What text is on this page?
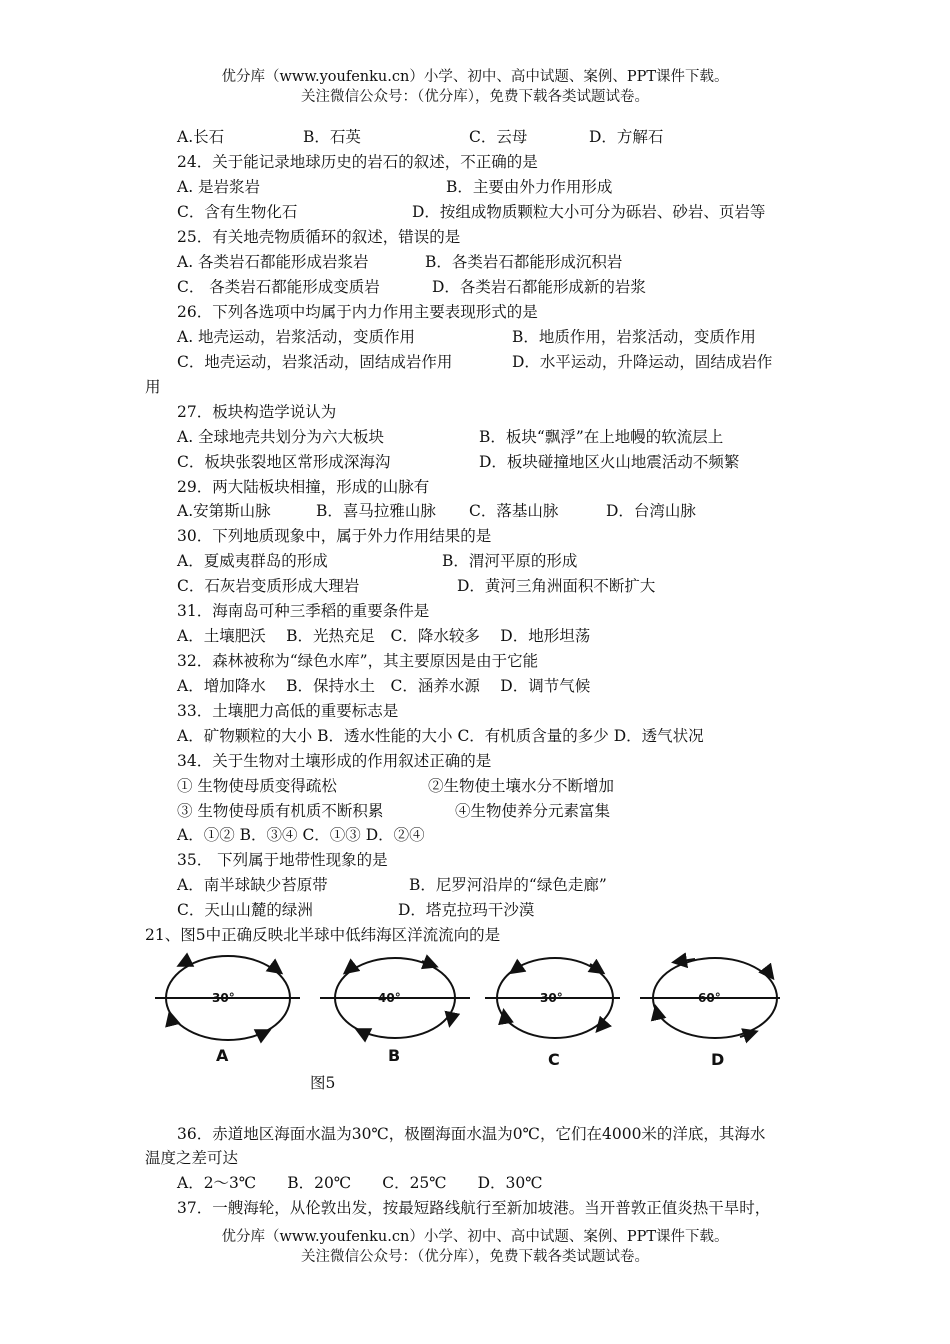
优分库（www.youfenku.cn）小学、初中、高中试题、案例、PPT课件下载。
关注微信公众号：（优分库），免费下载各类试题试卷。
A.长石	B．石英	C．云母	D．方解石
24．关于能记录地球历史的岩石的叙述，不正确的是
A. 是岩浆岩	B．主要由外力作用形成
C．含有生物化石	D．按组成物质颗粒大小可分为砾岩、砂岩、页岩等
25．有关地壳物质循环的叙述，错误的是
A. 各类岩石都能形成岩浆岩	B．各类岩石都能形成沉积岩
C． 各类岩石都能形成变质岩	D．各类岩石都能形成新的岩浆
26．下列各选项中均属于内力作用主要表现形式的是
A. 地壳运动，岩浆活动，变质作用	B．地质作用，岩浆活动，变质作用
C．地壳运动，岩浆活动，固结成岩作用	D．水平运动，升降运动，固结成岩作
用
27．板块构造学说认为
A. 全球地壳共划分为六大板块	B．板块“飘浮”在上地幔的软流层上
C．板块张裂地区常形成深海沟	D．板块碰撞地区火山地震活动不频繁
29．两大陆板块相撞，形成的山脉有
A.安第斯山脉	B．喜马拉雅山脉 C．落基山脉	D．台湾山脉
30．下列地质现象中，属于外力作用结果的是
A．夏威夷群岛的形成	B．渭河平原的形成
C．石灰岩变质形成大理岩	D．黄河三角洲面积不断扩大
31．海南岛可种三季稻的重要条件是
A．土壤肥沃　 B．光热充足　C．降水较多　 D．地形坦荡
32．森林被称为“绿色水库”，其主要原因是由于它能
A．增加降水　 B．保持水土　C．涵养水源　 D．调节气候
33．土壤肥力高低的重要标志是
A．矿物颗粒的大小 B．透水性能的大小 C．有机质含量的多少 D．透气状况
34．关于生物对土壤形成的作用叙述正确的是
① 生物使母质变得疏松	②生物使土壤水分不断增加
③ 生物使母质有机质不断积累	④生物使养分元素富集
A．①② B．③④ C．①③ D．②④
35． 下列属于地带性现象的是
A．南半球缺少苔原带	B．尼罗河沿岸的“绿色走廊”
C．天山山麓的绿洲	D．塔克拉玛干沙漠
21、图5中正确反映北半球中低纬海区洋流流向的是
30°	40°	30°	60°
A	B	C	D
图5
36．赤道地区海面水温为30℃，极圈海面水温为0℃，它们在4000米的洋底，其海水
温度之差可达
A．2～3℃　　B．20℃　　C．25℃　　D．30℃
37．一艘海轮，从伦敦出发，按最短路线航行至新加坡港。当开普敦正值炎热干旱时，
优分库（www.youfenku.cn）小学、初中、高中试题、案例、PPT课件下载。
关注微信公众号：（优分库），免费下载各类试题试卷。
